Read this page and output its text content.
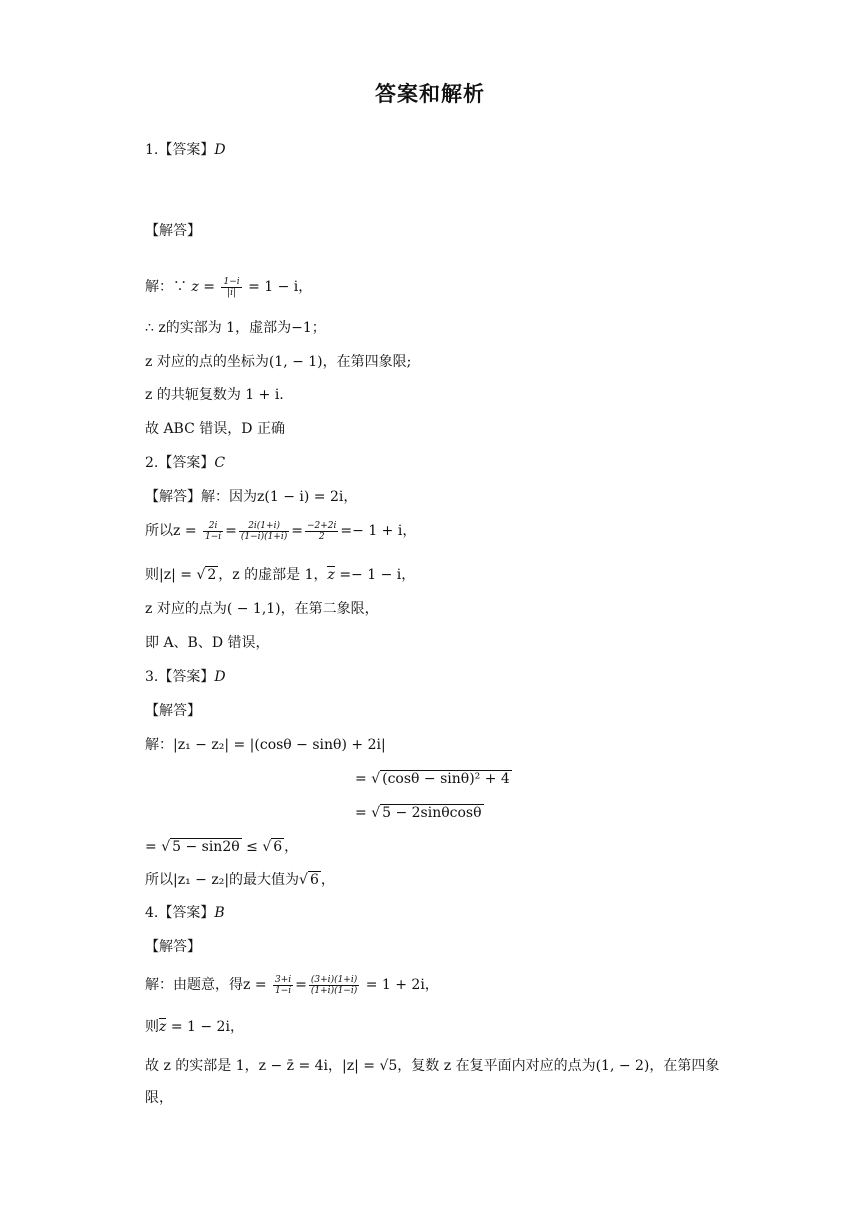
答案和解析
1.【答案】D
【解答】
解：∵ $z = \frac{1-i}{|i|} = 1 - i$，
∴ z的实部为 1，虚部为−1；
z 对应的点的坐标为(1, − 1)，在第四象限;
z 的共轭复数为 1 + i.
故 ABC 错误，D 正确
2.【答案】C
【解答】解：因为z(1 − i) = 2i，
所以$z = \frac{2i}{1-i} = \frac{2i(1+i)}{(1-i)(1+i)} = \frac{-2+2i}{2} =- 1 + i$，
则|z| = √ 2 ，z 的虚部是 1，z =− 1 − i，
z 对应的点为( − 1,1)，在第二象限，
即 A、B、D 错误，
3.【答案】D
【解答】
解：|z₁ − z₂| = |(cosθ − sinθ) + 2i|
= √ (cosθ − sinθ)² + 4
= √ 5 − 2sinθcosθ
= √ 5 − sin2θ ≤ √ 6 ，
所以|z₁ − z₂|的最大值为√ 6 ，
4.【答案】B
【解答】
解：由题意，得$z = \frac{3+i}{1-i} = \frac{(3+i)(1+i)}{(1+i)(1-i)} = 1 + 2i$，
则z = 1 − 2i，
故 z 的实部是 1，z − z̄ = 4i，|z| = √5，复数 z 在复平面内对应的点为(1, − 2)，在第四象限，
